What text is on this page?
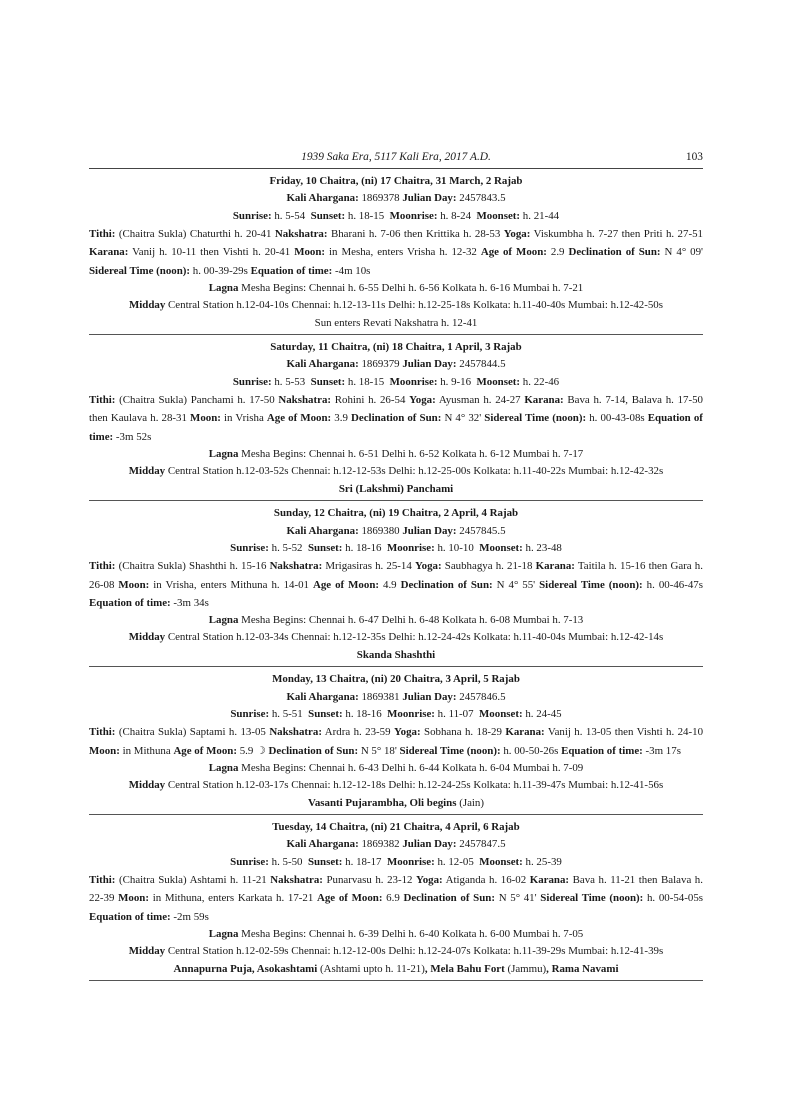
1939 Saka Era, 5117 Kali Era, 2017 A.D.	103
Friday, 10 Chaitra, (ni) 17 Chaitra, 31 March, 2 Rajab
Kali Ahargana: 1869378 Julian Day: 2457843.5
Sunrise: h. 5-54 Sunset: h. 18-15 Moonrise: h. 8-24 Moonset: h. 21-44
Tithi: (Chaitra Sukla) Chaturthi h. 20-41 Nakshatra: Bharani h. 7-06 then Krittika h. 28-53 Yoga: Viskumbha h. 7-27 then Priti h. 27-51 Karana: Vanij h. 10-11 then Vishti h. 20-41 Moon: in Mesha, enters Vrisha h. 12-32 Age of Moon: 2.9 Declination of Sun: N 4° 09' Sidereal Time (noon): h. 00-39-29s Equation of time: -4m 10s
Lagna Mesha Begins: Chennai h. 6-55 Delhi h. 6-56 Kolkata h. 6-16 Mumbai h. 7-21
Midday Central Station h.12-04-10s Chennai: h.12-13-11s Delhi: h.12-25-18s Kolkata: h.11-40-40s Mumbai: h.12-42-50s
Sun enters Revati Nakshatra h. 12-41
Saturday, 11 Chaitra, (ni) 18 Chaitra, 1 April, 3 Rajab
Kali Ahargana: 1869379 Julian Day: 2457844.5
Sunrise: h. 5-53 Sunset: h. 18-15 Moonrise: h. 9-16 Moonset: h. 22-46
Tithi: (Chaitra Sukla) Panchami h. 17-50 Nakshatra: Rohini h. 26-54 Yoga: Ayusman h. 24-27 Karana: Bava h. 7-14, Balava h. 17-50 then Kaulava h. 28-31 Moon: in Vrisha Age of Moon: 3.9 Declination of Sun: N 4° 32' Sidereal Time (noon): h. 00-43-08s Equation of time: -3m 52s
Lagna Mesha Begins: Chennai h. 6-51 Delhi h. 6-52 Kolkata h. 6-12 Mumbai h. 7-17
Midday Central Station h.12-03-52s Chennai: h.12-12-53s Delhi: h.12-25-00s Kolkata: h.11-40-22s Mumbai: h.12-42-32s
Sri (Lakshmi) Panchami
Sunday, 12 Chaitra, (ni) 19 Chaitra, 2 April, 4 Rajab
Kali Ahargana: 1869380 Julian Day: 2457845.5
Sunrise: h. 5-52 Sunset: h. 18-16 Moonrise: h. 10-10 Moonset: h. 23-48
Tithi: (Chaitra Sukla) Shashthi h. 15-16 Nakshatra: Mrigasiras h. 25-14 Yoga: Saubhagya h. 21-18 Karana: Taitila h. 15-16 then Gara h. 26-08 Moon: in Vrisha, enters Mithuna h. 14-01 Age of Moon: 4.9 Declination of Sun: N 4° 55' Sidereal Time (noon): h. 00-46-47s Equation of time: -3m 34s
Lagna Mesha Begins: Chennai h. 6-47 Delhi h. 6-48 Kolkata h. 6-08 Mumbai h. 7-13
Midday Central Station h.12-03-34s Chennai: h.12-12-35s Delhi: h.12-24-42s Kolkata: h.11-40-04s Mumbai: h.12-42-14s
Skanda Shashthi
Monday, 13 Chaitra, (ni) 20 Chaitra, 3 April, 5 Rajab
Kali Ahargana: 1869381 Julian Day: 2457846.5
Sunrise: h. 5-51 Sunset: h. 18-16 Moonrise: h. 11-07 Moonset: h. 24-45
Tithi: (Chaitra Sukla) Saptami h. 13-05 Nakshatra: Ardra h. 23-59 Yoga: Sobhana h. 18-29 Karana: Vanij h. 13-05 then Vishti h. 24-10 Moon: in Mithuna Age of Moon: 5.9 ☽ Declination of Sun: N 5° 18' Sidereal Time (noon): h. 00-50-26s Equation of time: -3m 17s
Lagna Mesha Begins: Chennai h. 6-43 Delhi h. 6-44 Kolkata h. 6-04 Mumbai h. 7-09
Midday Central Station h.12-03-17s Chennai: h.12-12-18s Delhi: h.12-24-25s Kolkata: h.11-39-47s Mumbai: h.12-41-56s
Vasanti Pujarambha, Oli begins (Jain)
Tuesday, 14 Chaitra, (ni) 21 Chaitra, 4 April, 6 Rajab
Kali Ahargana: 1869382 Julian Day: 2457847.5
Sunrise: h. 5-50 Sunset: h. 18-17 Moonrise: h. 12-05 Moonset: h. 25-39
Tithi: (Chaitra Sukla) Ashtami h. 11-21 Nakshatra: Punarvasu h. 23-12 Yoga: Atiganda h. 16-02 Karana: Bava h. 11-21 then Balava h. 22-39 Moon: in Mithuna, enters Karkata h. 17-21 Age of Moon: 6.9 Declination of Sun: N 5° 41' Sidereal Time (noon): h. 00-54-05s Equation of time: -2m 59s
Lagna Mesha Begins: Chennai h. 6-39 Delhi h. 6-40 Kolkata h. 6-00 Mumbai h. 7-05
Midday Central Station h.12-02-59s Chennai: h.12-12-00s Delhi: h.12-24-07s Kolkata: h.11-39-29s Mumbai: h.12-41-39s
Annapurna Puja, Asokashtami (Ashtami upto h. 11-21), Mela Bahu Fort (Jammu), Rama Navami
